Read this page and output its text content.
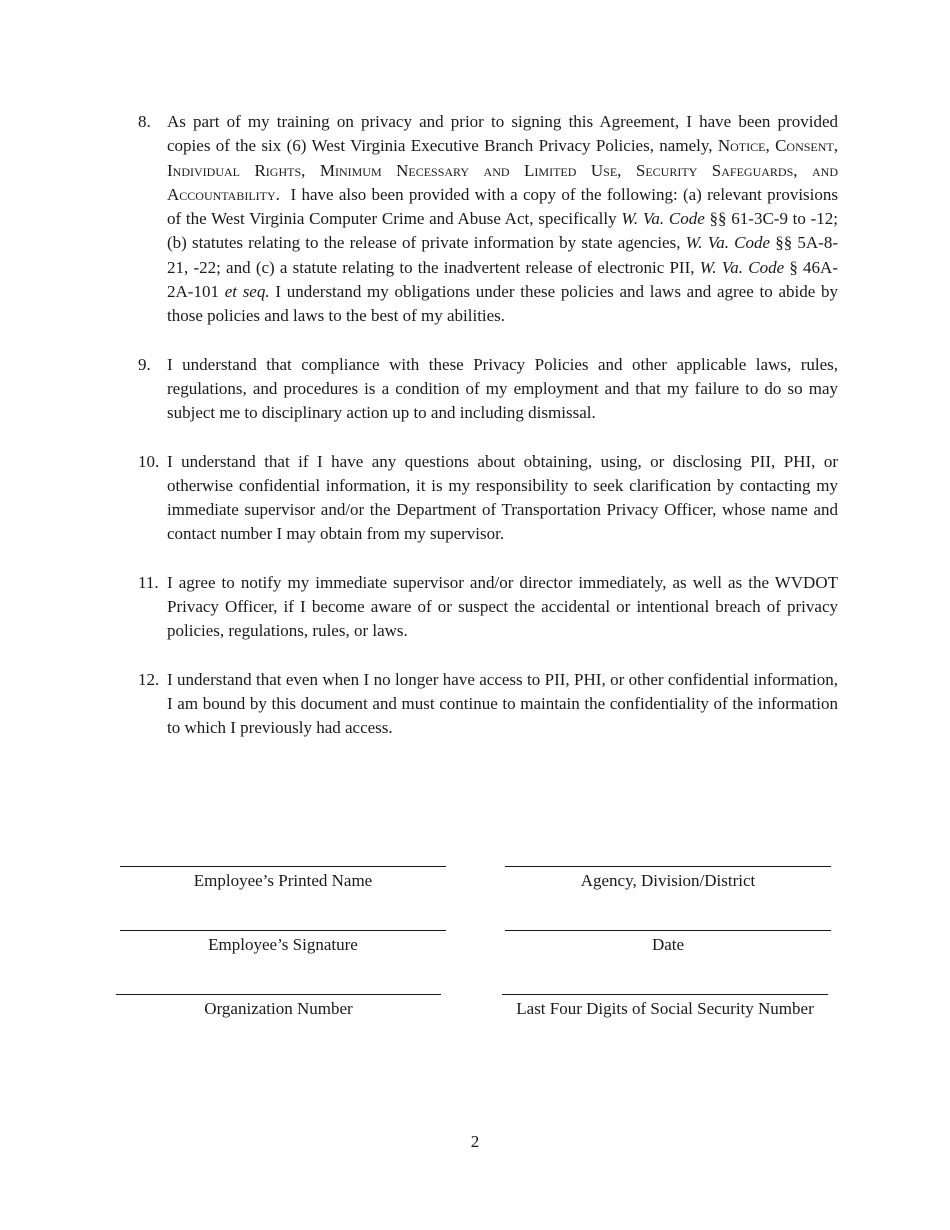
8. As part of my training on privacy and prior to signing this Agreement, I have been provided copies of the six (6) West Virginia Executive Branch Privacy Policies, namely, Notice, Consent, Individual Rights, Minimum Necessary and Limited Use, Security Safeguards, and Accountability. I have also been provided with a copy of the following: (a) relevant provisions of the West Virginia Computer Crime and Abuse Act, specifically W. Va. Code §§ 61-3C-9 to -12; (b) statutes relating to the release of private information by state agencies, W. Va. Code §§ 5A-8-21, -22; and (c) a statute relating to the inadvertent release of electronic PII, W. Va. Code § 46A-2A-101 et seq. I understand my obligations under these policies and laws and agree to abide by those policies and laws to the best of my abilities.
9. I understand that compliance with these Privacy Policies and other applicable laws, rules, regulations, and procedures is a condition of my employment and that my failure to do so may subject me to disciplinary action up to and including dismissal.
10. I understand that if I have any questions about obtaining, using, or disclosing PII, PHI, or otherwise confidential information, it is my responsibility to seek clarification by contacting my immediate supervisor and/or the Department of Transportation Privacy Officer, whose name and contact number I may obtain from my supervisor.
11. I agree to notify my immediate supervisor and/or director immediately, as well as the WVDOT Privacy Officer, if I become aware of or suspect the accidental or intentional breach of privacy policies, regulations, rules, or laws.
12. I understand that even when I no longer have access to PII, PHI, or other confidential information, I am bound by this document and must continue to maintain the confidentiality of the information to which I previously had access.
Employee’s Printed Name	Agency, Division/District
Employee’s Signature	Date
Organization Number	Last Four Digits of Social Security Number
2
